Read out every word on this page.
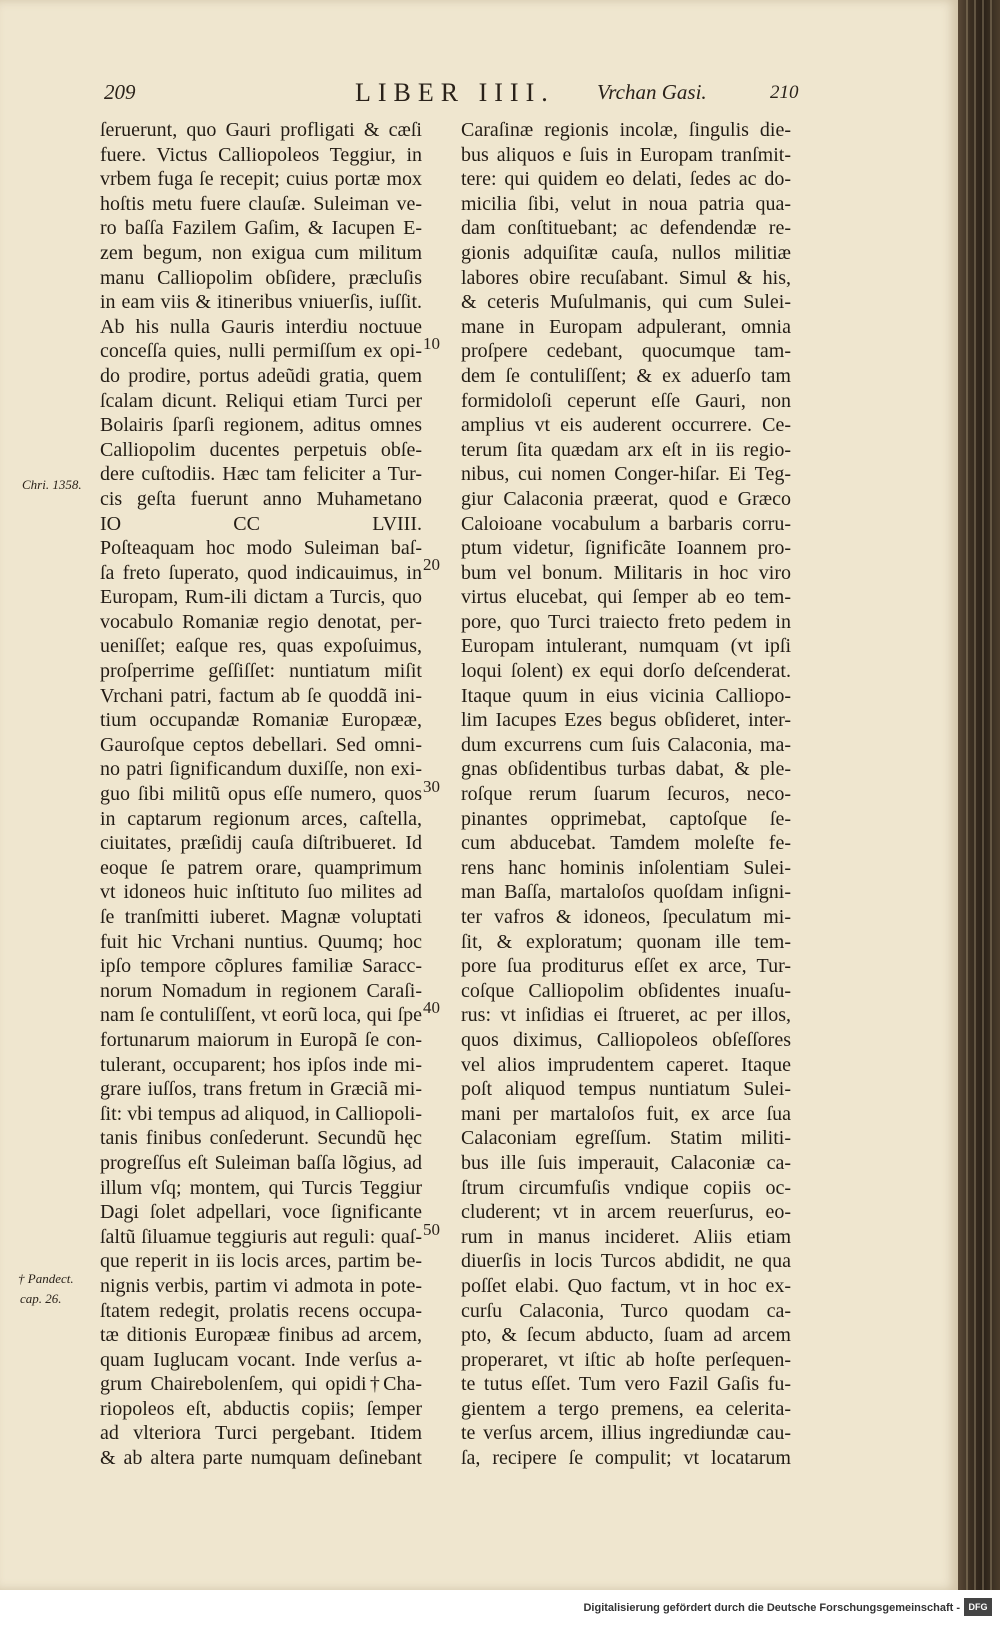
209	LIBER IIII. Vrchan Gasi.	210
ſeruerunt, quo Gauri profligati & cæſi
fuere. Victus Calliopoleos Teggiur, in
vrbem fuga ſe recepit; cuius portæ mox
hoſtis metu fuere clauſæ. Suleiman ve-
ro baſſa Fazilem Gaſim, & Iacupen E-
zem begum, non exigua cum militum
manu Calliopolim obſidere, præcluſis
in eam viis & itineribus vniuerſis, iuſſit.
Ab his nulla Gauris interdiu noctuue
conceſſa quies, nulli permiſſum ex opi-
do prodire, portus adeũdi gratia, quem
ſcalam dicunt. Reliqui etiam Turci per
Bolairis ſparſi regionem, aditus omnes
Calliopolim ducentes perpetuis obſe-
dere cuſtodiis. Hæc tam feliciter a Tur-
cis geſta fuerunt anno Muhametano
IO CC LVIII.
Poſteaquam hoc modo Suleiman baſ-
ſa freto ſuperato, quod indicauimus, in
Europam, Rum-ili dictam a Turcis, quo
vocabulo Romaniæ regio denotat, per-
ueniſſet; eaſque res, quas expoſuimus,
proſperrime geſſiſſet: nuntiatum miſit
Vrchani patri, factum ab ſe quoddã ini-
tium occupandæ Romaniæ Europææ,
Gauroſque ceptos debellari. Sed omni-
no patri ſignificandum duxiſſe, non exi-
guo ſibi militũ opus eſſe numero, quos
in captarum regionum arces, caſtella,
ciuitates, præſidij cauſa diſtribueret. Id
eoque ſe patrem orare, quamprimum
vt idoneos huic inſtituto ſuo milites ad
ſe tranſmitti iuberet. Magnæ voluptati
fuit hic Vrchani nuntius. Quumq; hoc
ipſo tempore cõplures familiæ Saracc-
norum Nomadum in regionem Caraſi-
nam ſe contuliſſent, vt eorũ loca, qui ſpe
fortunarum maiorum in Europã ſe con-
tulerant, occuparent; hos ipſos inde mi-
grare iuſſos, trans fretum in Græciã mi-
ſit: vbi tempus ad aliquod, in Calliopoli-
tanis finibus conſederunt. Secundũ hęc
progreſſus eſt Suleiman baſſa lõgius, ad
illum vſq; montem, qui Turcis Teggiur
Dagi ſolet adpellari, voce ſignificante
ſaltũ ſiluamue teggiuris aut reguli: quaſ-
que reperit in iis locis arces, partim be-
nignis verbis, partim vi admota in pote-
ſtatem redegit, prolatis recens occupa-
tæ ditionis Europææ finibus ad arcem,
quam Iuglucam vocant. Inde verſus a-
grum Chairebolenſem, qui opidi†Cha-
riopoleos eſt, abductis copiis; ſemper
ad vlteriora Turci pergebant. Itidem
& ab altera parte numquam deſinebant
Caraſinæ regionis incolæ, ſingulis die-
bus aliquos e ſuis in Europam tranſmit-
tere: qui quidem eo delati, ſedes ac do-
micilia ſibi, velut in noua patria qua-
dam conſtituebant; ac defendendæ re-
gionis adquiſitæ cauſa, nullos militiæ
labores obire recuſabant. Simul & his,
& ceteris Muſulmanis, qui cum Sulei-
mane in Europam adpulerant, omnia
proſpere cedebant, quocumque tam-
dem ſe contuliſſent; & ex aduerſo tam
formidoloſi ceperunt eſſe Gauri, non
amplius vt eis auderent occurrere. Ce-
terum ſita quædam arx eſt in iis regio-
nibus, cui nomen Conger-hiſar. Ei Teg-
giur Calaconia præerat, quod e Græco
Caloioane vocabulum a barbaris corru-
ptum videtur, ſignificãte Ioannem pro-
bum vel bonum. Militaris in hoc viro
virtus elucebat, qui ſemper ab eo tem-
pore, quo Turci traiecto freto pedem in
Europam intulerant, numquam (vt ipſi
loqui ſolent) ex equi dorſo deſcenderat.
Itaque quum in eius vicinia Calliopo-
lim Iacupes Ezes begus obſideret, inter-
dum excurrens cum ſuis Calaconia, ma-
gnas obſidentibus turbas dabat, & ple-
roſque rerum ſuarum ſecuros, neco-
pinantes opprimebat, captoſque ſe-
cum abducebat. Tamdem moleſte fe-
rens hanc hominis inſolentiam Sulei-
man Baſſa, martaloſos quoſdam inſigni-
ter vafros & idoneos, ſpeculatum mi-
ſit, & exploratum; quonam ille tem-
pore ſua proditurus eſſet ex arce, Tur-
coſque Calliopolim obſidentes inuaſu-
rus: vt inſidias ei ſtrueret, ac per illos,
quos diximus, Calliopoleos obſeſſores
vel alios imprudentem caperet. Itaque
poſt aliquod tempus nuntiatum Sulei-
mani per martaloſos fuit, ex arce ſua
Calaconiam egreſſum. Statim militi-
bus ille ſuis imperauit, Calaconiæ ca-
ſtrum circumfuſis vndique copiis oc-
cluderent; vt in arcem reuerſurus, eo-
rum in manus incideret. Aliis etiam
diuerſis in locis Turcos abdidit, ne qua
poſſet elabi. Quo factum, vt in hoc ex-
curſu Calaconia, Turco quodam ca-
pto, & ſecum abducto, ſuam ad arcem
properaret, vt iſtic ab hoſte perſequen-
te tutus eſſet. Tum vero Fazil Gaſis fu-
gientem a tergo premens, ea celerita-
te verſus arcem, illius ingrediundæ cau-
ſa, recipere ſe compulit; vt locatarum
Chri. 1358.
† Pandect.
cap. 26.
10
20
30
40
50
Digitalisierung gefördert durch die Deutsche Forschungsgemeinschaft - DFG
